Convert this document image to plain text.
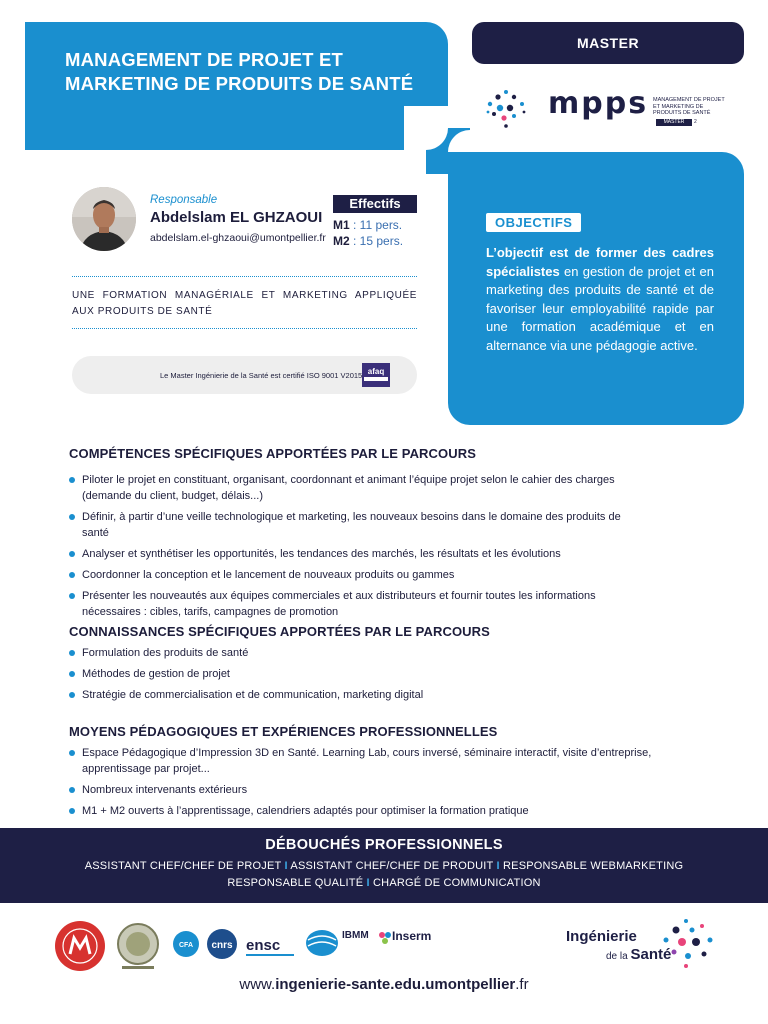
MANAGEMENT DE PROJET ET MARKETING DE PRODUITS DE SANTÉ
MASTER
mpps MANAGEMENT DE PROJET ET MARKETING DE PRODUITS DE SANTÉ
MASTER	2
OBJECTIFS
L’objectif est de former des cadres spécialistes en gestion de projet et en marketing des produits de santé et de favoriser leur employabilité rapide par une formation académique et en alternance via une pédagogie active.
Responsable
Abdelslam EL GHZAOUI
abdelslam.el-ghzaoui@umontpellier.fr
Effectifs
M1 : 11 pers.
M2 : 15 pers.
UNE FORMATION MANAGÉRIALE ET MARKETING APPLIQUÉE AUX PRODUITS DE SANTÉ
Le Master Ingénierie de la Santé est certifié ISO 9001 V2015 afaq
COMPÉTENCES SPÉCIFIQUES APPORTÉES PAR LE PARCOURS
Piloter le projet en constituant, organisant, coordonnant et animant l’équipe projet selon le cahier des charges (demande du client, budget, délais...)
Définir, à partir d’une veille technologique et marketing, les nouveaux besoins dans le domaine des produits de santé
Analyser et synthétiser les opportunités, les tendances des marchés, les résultats et les évolutions
Coordonner la conception et le lancement de nouveaux produits ou gammes
Présenter les nouveautés aux équipes commerciales et aux distributeurs et fournir toutes les informations nécessaires : cibles, tarifs, campagnes de promotion
CONNAISSANCES SPÉCIFIQUES APPORTÉES PAR LE PARCOURS
Formulation des produits de santé
Méthodes de gestion de projet
Stratégie de commercialisation et de communication, marketing digital
MOYENS PÉDAGOGIQUES ET EXPÉRIENCES PROFESSIONNELLES
Espace Pédagogique d’Impression 3D en Santé. Learning Lab, cours inversé, séminaire interactif, visite d’entreprise, apprentissage par projet...
Nombreux intervenants extérieurs
M1 + M2 ouverts à l’apprentissage, calendriers adaptés pour optimiser la formation pratique
DÉBOUCHÉS PROFESSIONNELS
ASSISTANT CHEF/CHEF DE PROJET I ASSISTANT CHEF/CHEF DE PRODUIT I RESPONSABLE WEBMARKETING
RESPONSABLE QUALITÉ I CHARGÉ DE COMMUNICATION
CFA cnrs ensc
IBMM Inserm	Ingénierie
de la Santé
www.ingenierie-sante.edu.umontpellier.fr
